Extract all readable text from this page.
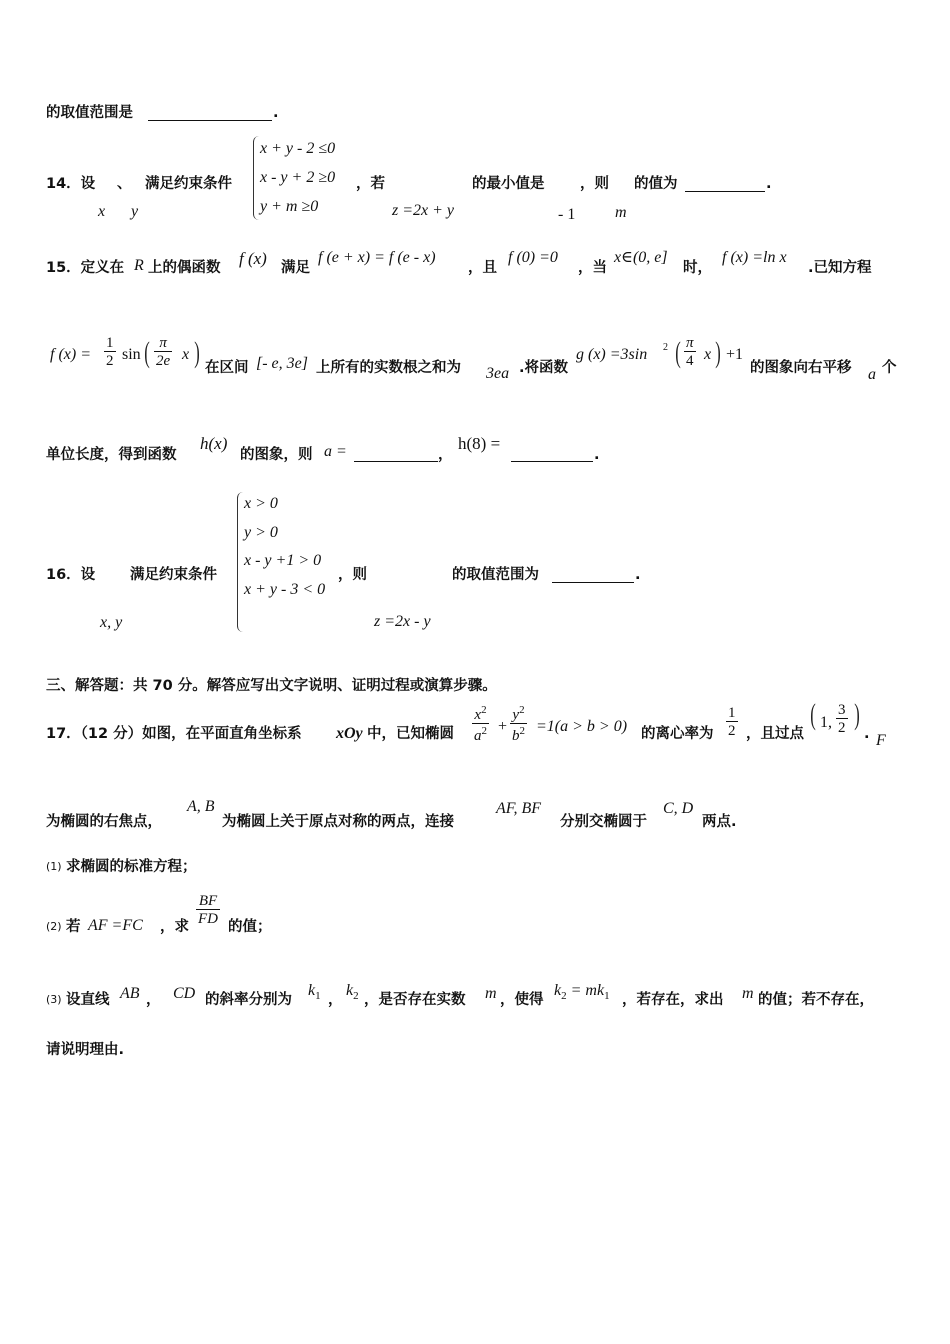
的取值范围是	.
14．设 、 满足约束条件
x y
x + y - 2 ≤0
x - y + 2 ≥0
y + m ≥0
，若
z =2x + y
的最小值是
- 1
，则
m
的值为	.
15．定义在 R 上的偶函数 f (x) 满足
f (e + x) = f (e - x)
，且
f (0) =0
，当
x∈(0, e]
时，
f (x) =ln x
.已知方程
f $(x) = \frac{1}{2}$ sin ( $\frac{\pi}{2e}$ x ) 在区间 [- e, 3e] 上所有的实数根之和为 3ea .将函数
g (x) =3sin 2 ( $\frac{\pi}{4}$ x ) +1
的图象向右平移 a 个
单位长度，得到函数
h(x)
的图象，则 a =	，
h(8) =
.
16．设 满足约束条件
x, y
x > 0
y > 0
x - y +1 > 0
x + y - 3 < 0
，则
z =2x - y
的取值范围为	.
三、解答题：共 70 分。解答应写出文字说明、证明过程或演算步骤。
17．（12 分）如图，在平面直角坐标系 xOy 中，已知椭圆 $\frac{x^2}{a^2} + \frac{y^2}{b^2} =1(a > b > 0)$ 的离心率为 $\frac{1}{2}$ ，且过点
( 1, $\frac{3}{2}$ )
. F
为椭圆的右焦点，
A, B
为椭圆上关于原点对称的两点，连接
AF, BF
分别交椭圆于
C, D
两点.
(1) 求椭圆的标准方程；
(2) 若 AF =FC ，求 $\frac{BF}{FD}$ 的值；
(3) 设直线 AB ， CD 的斜率分别为
$k_1$ ，
$k_2$ ，是否存在实数 m ，使得
$k_2 = mk_1$ ，若存在，求出 m 的值；若不存在，
请说明理由.
